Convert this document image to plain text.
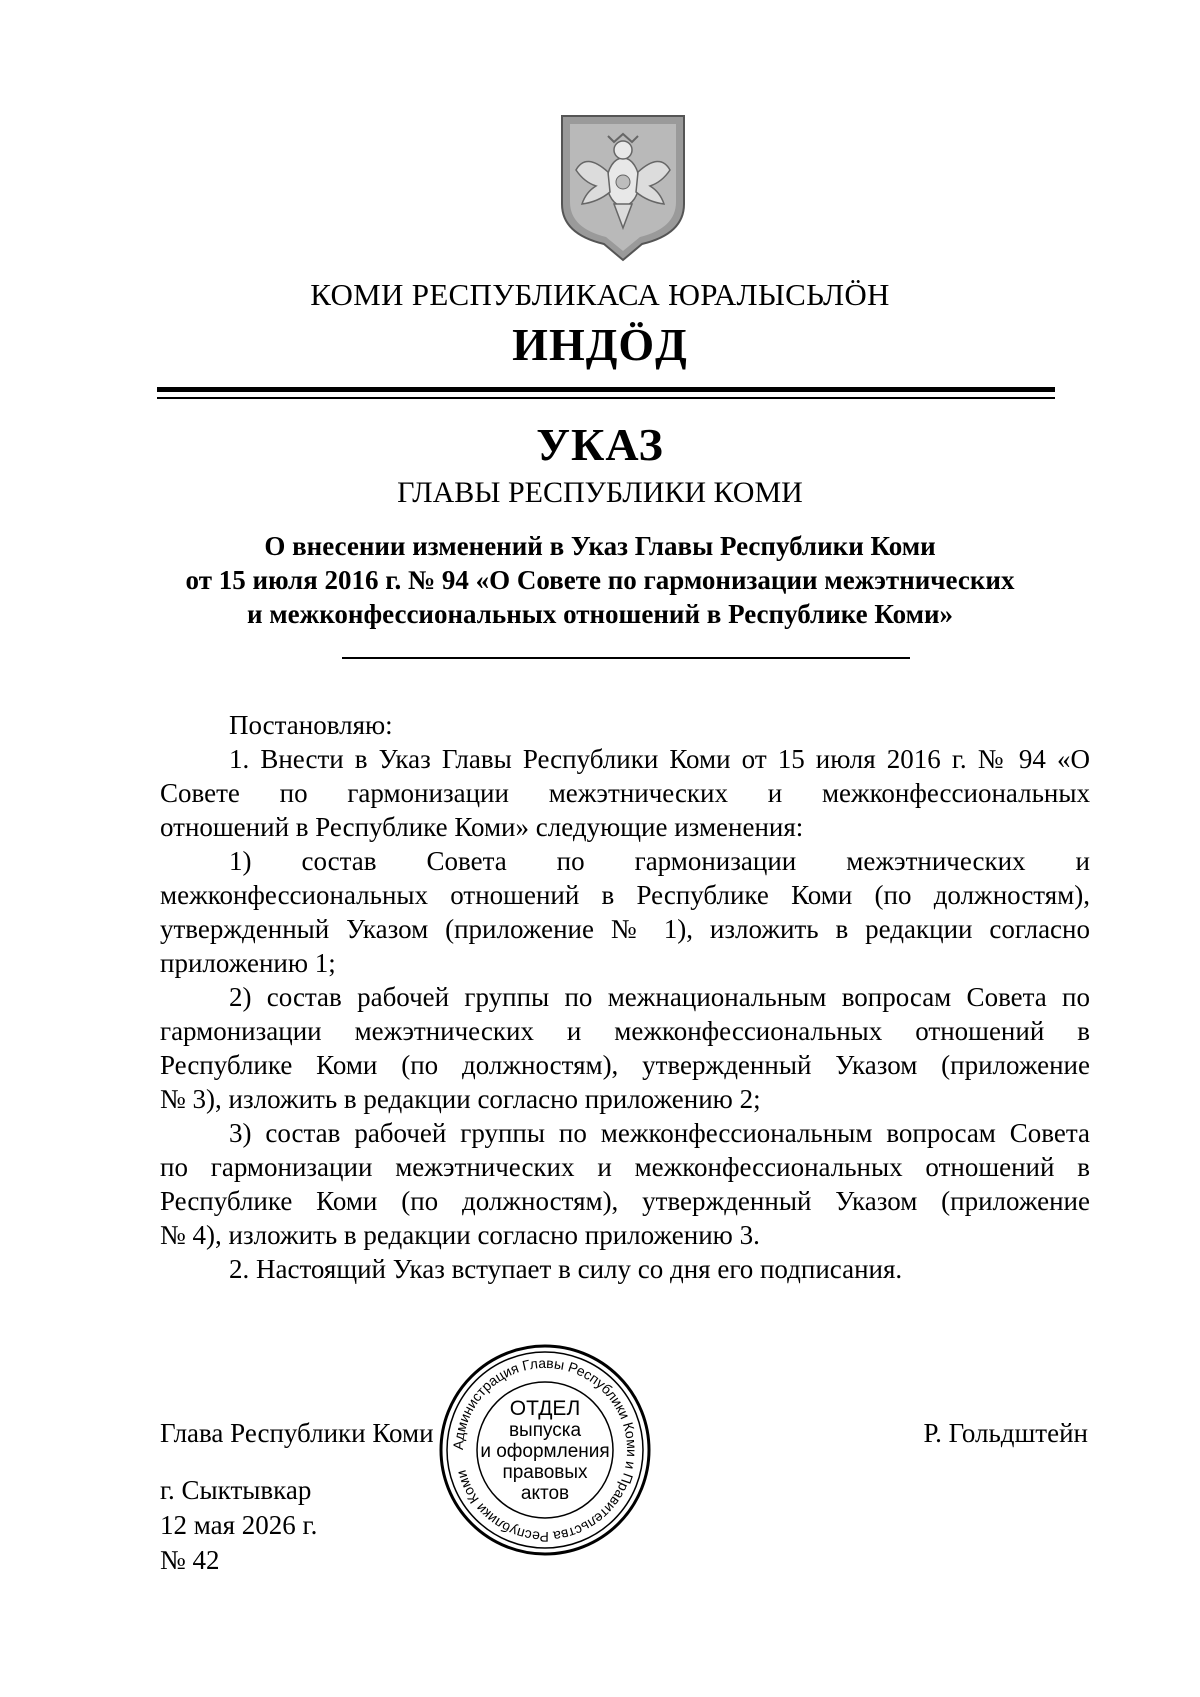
КОМИ РЕСПУБЛИКАСА ЮРАЛЫСЬЛÖН
ИНДÖД
УКАЗ
ГЛАВЫ РЕСПУБЛИКИ КОМИ
О внесении изменений в Указ Главы Республики Коми
от 15 июля 2016 г. № 94 «О Совете по гармонизации межэтнических
и межконфессиональных отношений в Республике Коми»
Постановляю:
1. Внести в Указ Главы Республики Коми от 15 июля 2016 г. № 94 «О
Совете по гармонизации межэтнических и межконфессиональных
отношений в Республике Коми» следующие изменения:
1) состав Совета по гармонизации межэтнических и
межконфессиональных отношений в Республике Коми (по должностям),
утвержденный Указом (приложение № 1), изложить в редакции согласно
приложению 1;
2) состав рабочей группы по межнациональным вопросам Совета по
гармонизации межэтнических и межконфессиональных отношений в
Республике Коми (по должностям), утвержденный Указом (приложение
№ 3), изложить в редакции согласно приложению 2;
3) состав рабочей группы по межконфессиональным вопросам Совета
по гармонизации межэтнических и межконфессиональных отношений в
Республике Коми (по должностям), утвержденный Указом (приложение
№ 4), изложить в редакции согласно приложению 3.
2. Настоящий Указ вступает в силу со дня его подписания.
Глава Республики Коми	Р. Гольдштейн
г. Сыктывкар
12 мая 2026 г.
№ 42
Администрация Главы Республики Коми и Правительства Республики Коми
ОТДЕЛ
выпуска
и оформления
правовых
актов
